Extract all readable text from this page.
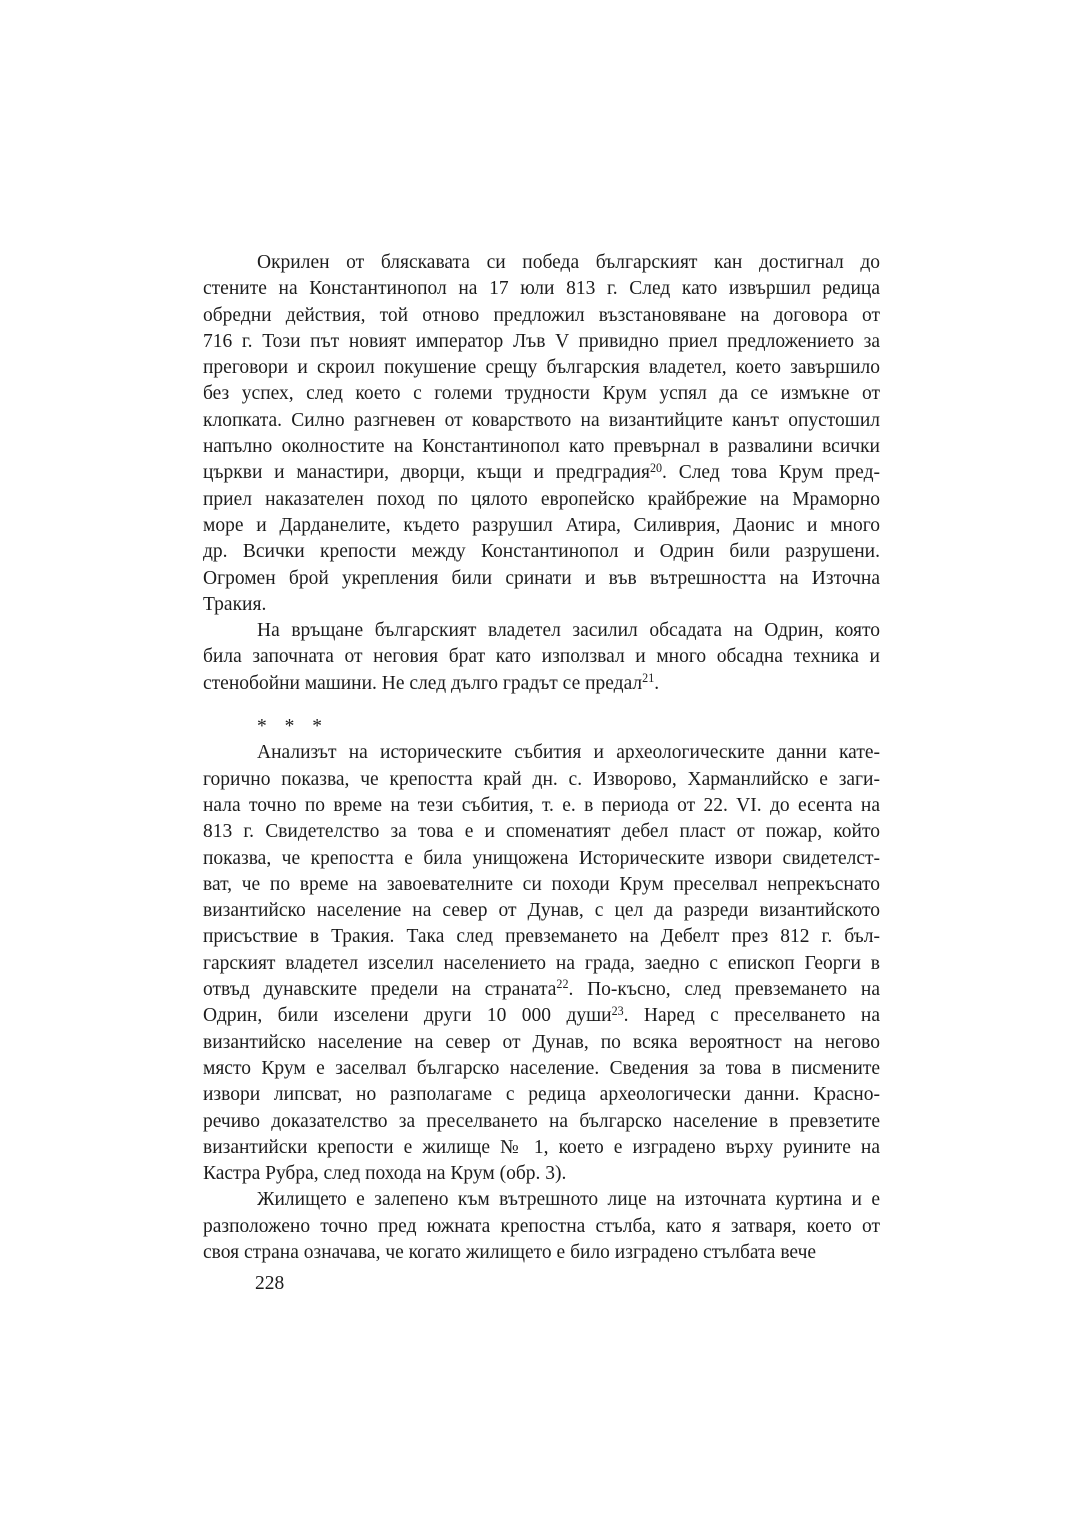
Окрилен от бляскавата си победа българският кан достигнал до
стените на Константинопол на 17 юли 813 г. След като извършил редица
обредни действия, той отново предложил възстановяване на договора от
716 г. Този път новият император Лъв V привидно приел предложението за
преговори и скроил покушение срещу българския владетел, което завършило
без успех, след което с големи трудности Крум успял да се измъкне от
клопката. Силно разгневен от коварството на византийците канът опустошил
напълно околностите на Константинопол като превърнал в развалини всички
църкви и манастири, дворци, къщи и предградия$^{20}$. След това Крум пред-
приел наказателен поход по цялото европейско крайбрежие на Мраморно
море и Дарданелите, където разрушил Атира, Силиврия, Даонис и много
др. Всички крепости между Константинопол и Одрин били разрушени.
Огромен брой укрепления били сринати и във вътрешността на Източна
Тракия.
На връщане българският владетел засилил обсадата на Одрин, която
била започната от неговия брат като използвал и много обсадна техника и
стенобойни машини. Не след дълго градът се предал$^{21}$.
* * *
Анализът на историческите събития и археологическите данни кате-
горично показва, че крепостта край дн. с. Изворово, Харманлийско е заги-
нала точно по време на тези събития, т. е. в периода от 22. VI. до есента на
813 г. Свидетелство за това е и споменатият дебел пласт от пожар, който
показва, че крепостта е била унищожена Историческите извори свидетелст-
ват, че по време на завоевателните си походи Крум преселвал непрекъснато
византийско население на север от Дунав, с цел да разреди византийското
присъствие в Тракия. Така след превземането на Дебелт през 812 г. бъл-
гарският владетел изселил населението на града, заедно с епископ Георги в
отвъд дунавските предели на страната$^{22}$. По-късно, след превземането на
Одрин, били изселени други 10 000 души$^{23}$. Наред с преселването на
византийско население на север от Дунав, по всяка вероятност на негово
място Крум е заселвал българско население. Сведения за това в писмените
извори липсват, но разполагаме с редица археологически данни. Красно-
речиво доказателство за преселването на българско население в превзетите
византийски крепости е жилище № 1, което е изградено върху руините на
Кастра Рубра, след похода на Крум (обр. 3).
Жилището е залепено към вътрешното лице на източната куртина и е
разположено точно пред южната крепостна стълба, като я затваря, което от
своя страна означава, че когато жилището е било изградено стълбата вече
228
